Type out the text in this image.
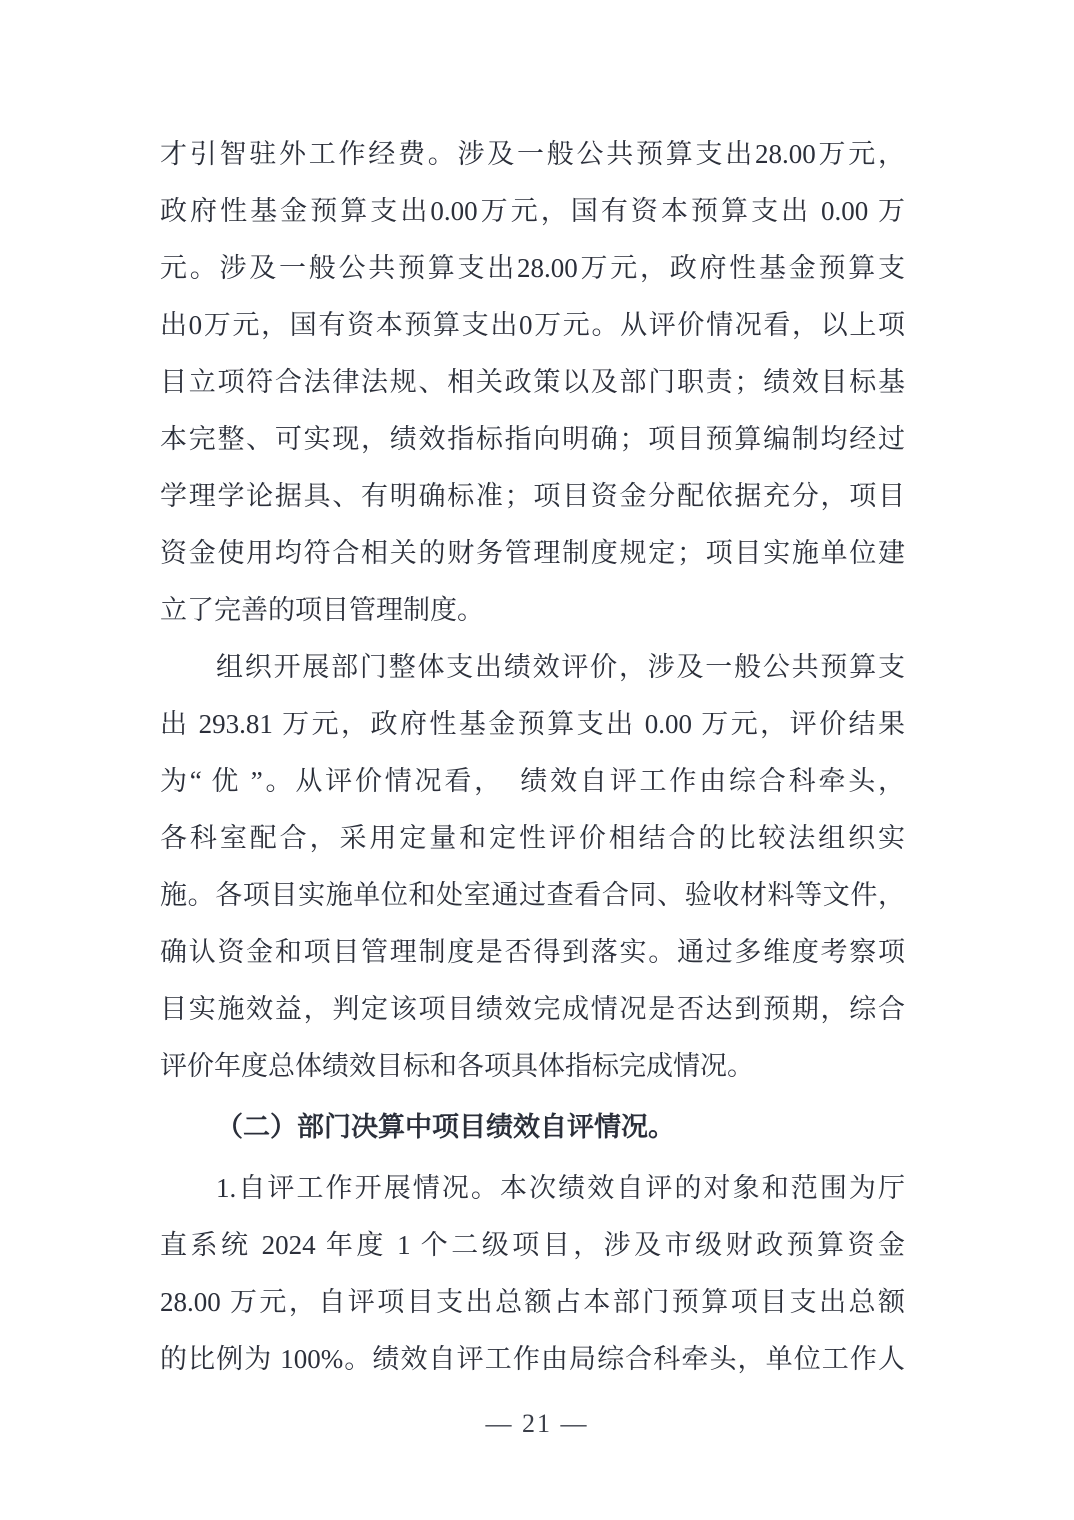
才引智驻外工作经费。涉及一般公共预算支出28.00万元，
政府性基金预算支出0.00万元，国有资本预算支出 0.00 万
元。涉及一般公共预算支出28.00万元，政府性基金预算支
出0万元，国有资本预算支出0万元。从评价情况看，以上项
目立项符合法律法规、相关政策以及部门职责；绩效目标基
本完整、可实现，绩效指标指向明确；项目预算编制均经过
学理学论据具、有明确标准；项目资金分配依据充分，项目
资金使用均符合相关的财务管理制度规定；项目实施单位建
立了完善的项目管理制度。
组织开展部门整体支出绩效评价，涉及一般公共预算支
出 293.81 万元，政府性基金预算支出 0.00 万元，评价结果
为“ 优 ”。从评价情况看，　绩效自评工作由综合科牵头，
各科室配合，采用定量和定性评价相结合的比较法组织实
施。各项目实施单位和处室通过查看合同、验收材料等文件，
确认资金和项目管理制度是否得到落实。通过多维度考察项
目实施效益，判定该项目绩效完成情况是否达到预期，综合
评价年度总体绩效目标和各项具体指标完成情况。
（二）部门决算中项目绩效自评情况。
1.自评工作开展情况。本次绩效自评的对象和范围为厅
直系统 2024 年度 1 个二级项目，涉及市级财政预算资金
28.00 万元，自评项目支出总额占本部门预算项目支出总额
的比例为 100%。绩效自评工作由局综合科牵头，单位工作人
— 21 —
